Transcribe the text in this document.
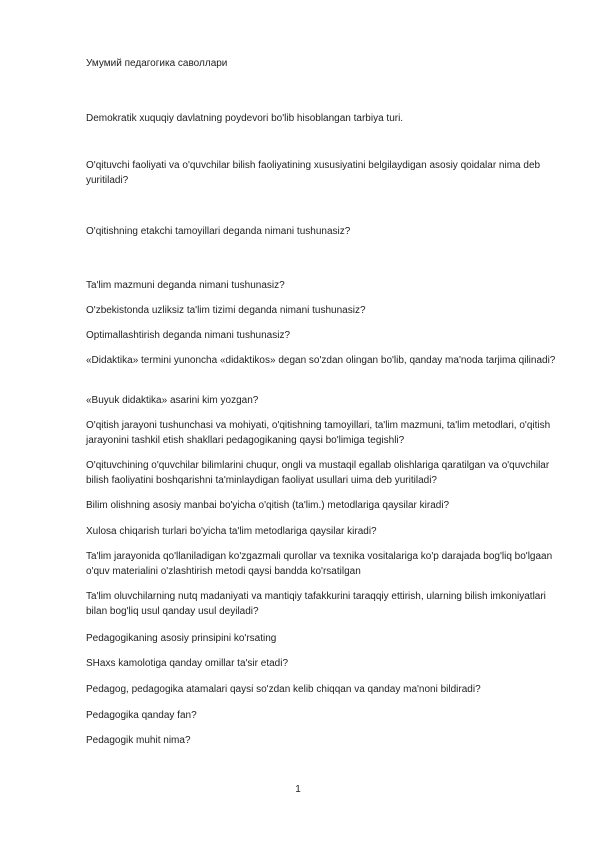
Умумий педагогика саволлари

Demokratik xuquqiy davlatning poydevori bo'lib hisoblangan tarbiya turi.

O'qituvchi faoliyati va o'quvchilar bilish faoliyatining xususiyatini belgilaydigan asosiy qoidalar nima deb yuritiladi?

O'qitishning etakchi tamoyillari deganda nimani tushunasiz?

Ta'lim mazmuni deganda nimani tushunasiz?

O'zbekistonda uzliksiz ta'lim tizimi deganda nimani tushunasiz?

Optimallashtirish deganda nimani tushunasiz?

«Didaktika» termini yunoncha «didaktikos» degan so'zdan olingan bo'lib, qanday ma'noda tarjima qilinadi?

«Buyuk didaktika» asarini kim yozgan?

O'qitish jarayoni tushunchasi va mohiyati, o'qitishning tamoyillari, ta'lim mazmuni, ta'lim metodlari, o'qitish jarayonini tashkil etish shakllari pedagogikaning qaysi bo'limiga tegishli?

O'qituvchining o'quvchilar bilimlarini chuqur, ongli va mustaqil egallab olishlariga qaratilgan va o'quvchilar bilish faoliyatini boshqarishni ta'minlaydigan faoliyat usullari uima deb yuritiladi?

Bilim olishning asosiy manbai bo'yicha o'qitish (ta'lim.) metodlariga qaysilar kiradi?

Xulosa chiqarish turlari bo'yicha ta'lim metodlariga qaysilar kiradi?

Ta'lim jarayonida qo'llaniladigan ko'zgazmali qurollar va texnika vositalariga ko'p darajada bog'liq bo'lgaan o'quv materialini o'zlashtirish metodi qaysi bandda ko'rsatilgan

Ta'lim oluvchilarning nutq madaniyati va mantiqiy tafakkurini taraqqiy ettirish, ularning bilish imkoniyatlari bilan bog'liq usul qanday usul deyiladi?

Pedagogikaning asosiy prinsipini ko'rsating

SHaxs kamolotiga qanday omillar ta'sir etadi?

Pedagog, pedagogika atamalari qaysi so'zdan kelib chiqqan va qanday ma'noni bildiradi?

Pedagogika qanday fan?

Pedagogik muhit nima?

1
